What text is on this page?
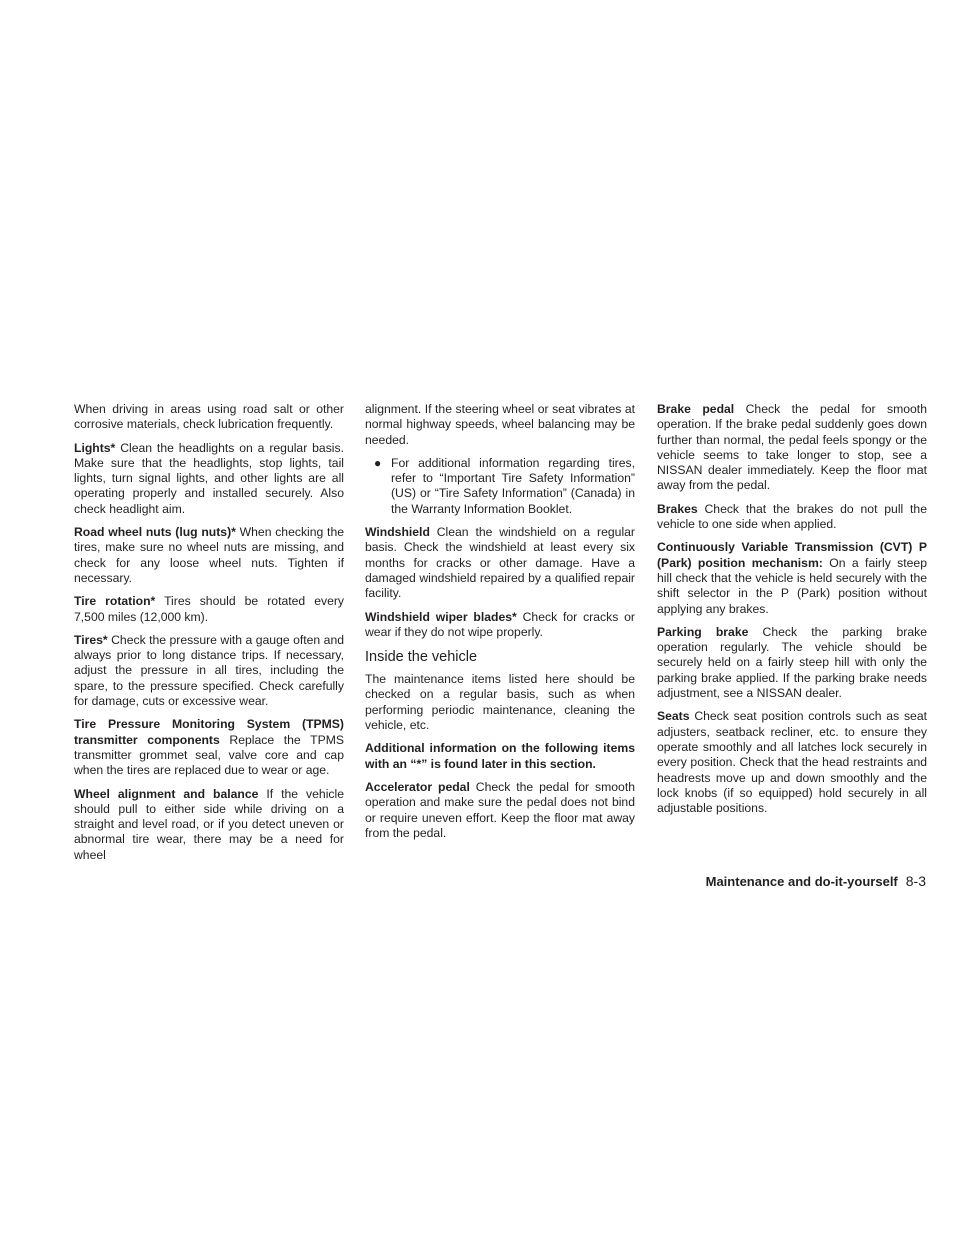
When driving in areas using road salt or other corrosive materials, check lubrication frequently.

Lights* Clean the headlights on a regular basis. Make sure that the headlights, stop lights, tail lights, turn signal lights, and other lights are all operating properly and installed securely. Also check headlight aim.

Road wheel nuts (lug nuts)* When checking the tires, make sure no wheel nuts are missing, and check for any loose wheel nuts. Tighten if necessary.

Tire rotation* Tires should be rotated every 7,500 miles (12,000 km).

Tires* Check the pressure with a gauge often and always prior to long distance trips. If necessary, adjust the pressure in all tires, including the spare, to the pressure specified. Check carefully for damage, cuts or excessive wear.

Tire Pressure Monitoring System (TPMS) transmitter components Replace the TPMS transmitter grommet seal, valve core and cap when the tires are replaced due to wear or age.

Wheel alignment and balance If the vehicle should pull to either side while driving on a straight and level road, or if you detect uneven or abnormal tire wear, there may be a need for wheel

alignment. If the steering wheel or seat vibrates at normal highway speeds, wheel balancing may be needed.

● For additional information regarding tires, refer to “Important Tire Safety Information” (US) or “Tire Safety Information” (Canada) in the Warranty Information Booklet.

Windshield Clean the windshield on a regular basis. Check the windshield at least every six months for cracks or other damage. Have a damaged windshield repaired by a qualified repair facility.

Windshield wiper blades* Check for cracks or wear if they do not wipe properly.

Inside the vehicle

The maintenance items listed here should be checked on a regular basis, such as when performing periodic maintenance, cleaning the vehicle, etc.

Additional information on the following items with an “*” is found later in this section.

Accelerator pedal Check the pedal for smooth operation and make sure the pedal does not bind or require uneven effort. Keep the floor mat away from the pedal.

Brake pedal Check the pedal for smooth operation. If the brake pedal suddenly goes down further than normal, the pedal feels spongy or the vehicle seems to take longer to stop, see a NISSAN dealer immediately. Keep the floor mat away from the pedal.

Brakes Check that the brakes do not pull the vehicle to one side when applied.

Continuously Variable Transmission (CVT) P (Park) position mechanism: On a fairly steep hill check that the vehicle is held securely with the shift selector in the P (Park) position without applying any brakes.

Parking brake Check the parking brake operation regularly. The vehicle should be securely held on a fairly steep hill with only the parking brake applied. If the parking brake needs adjustment, see a NISSAN dealer.

Seats Check seat position controls such as seat adjusters, seatback recliner, etc. to ensure they operate smoothly and all latches lock securely in every position. Check that the head restraints and headrests move up and down smoothly and the lock knobs (if so equipped) hold securely in all adjustable positions.

Maintenance and do-it-yourself 8-3
